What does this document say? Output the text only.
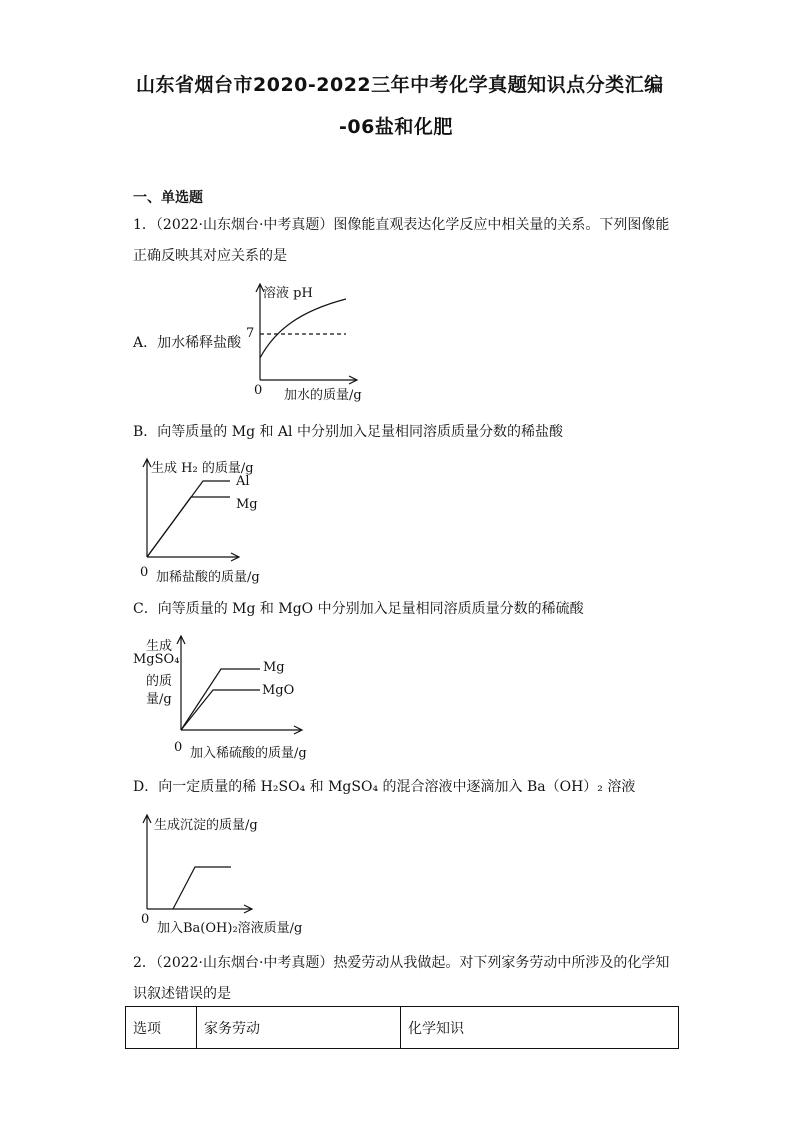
山东省烟台市2020-2022三年中考化学真题知识点分类汇编
-06盐和化肥
一、单选题
1．（2022·山东烟台·中考真题）图像能直观表达化学反应中相关量的关系。下列图像能
正确反映其对应关系的是
A．加水稀释盐酸
溶液 pH
7
0 加水的质量/g
B．向等质量的 Mg 和 Al 中分别加入足量相同溶质质量分数的稀盐酸
生成 H₂ 的质量/g
Al
Mg
0 加稀盐酸的质量/g
C．向等质量的 Mg 和 MgO 中分别加入足量相同溶质质量分数的稀硫酸
生成
MgSO₄
的质
量/g
Mg
MgO
0 加入稀硫酸的质量/g
D．向一定质量的稀 H₂SO₄ 和 MgSO₄ 的混合溶液中逐滴加入 Ba（OH）₂ 溶液
生成沉淀的质量/g
0
加入Ba(OH)₂溶液质量/g
2．（2022·山东烟台·中考真题）热爱劳动从我做起。对下列家务劳动中所涉及的化学知
识叙述错误的是
选项	家务劳动	化学知识
